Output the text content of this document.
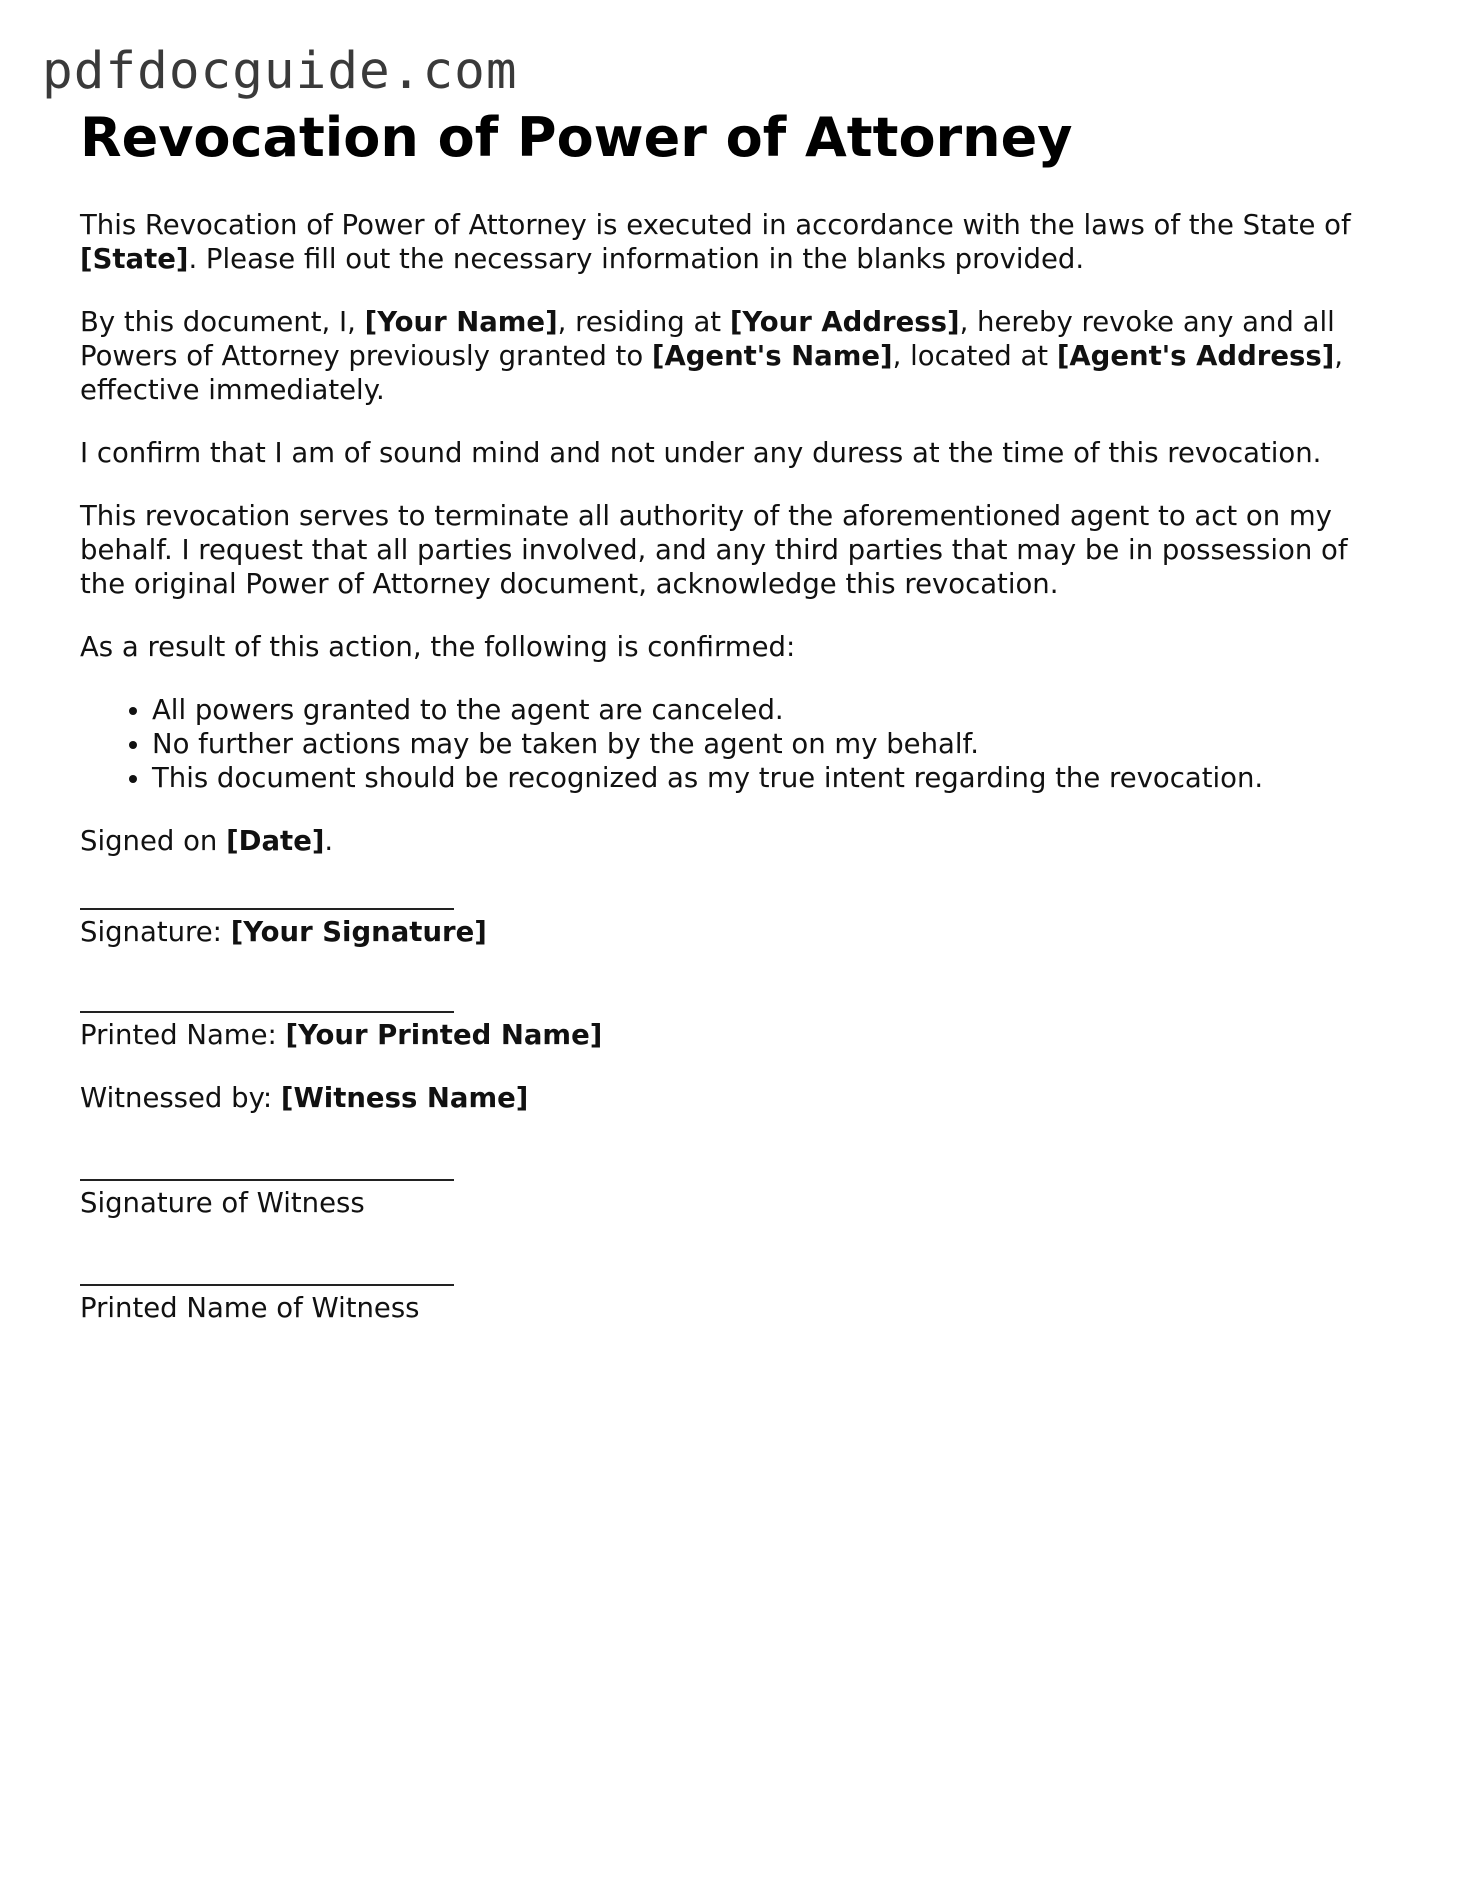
pdfdocguide.com
Revocation of Power of Attorney

This Revocation of Power of Attorney is executed in accordance with the laws of the State of [State]. Please fill out the necessary information in the blanks provided.

By this document, I, [Your Name], residing at [Your Address], hereby revoke any and all Powers of Attorney previously granted to [Agent's Name], located at [Agent's Address], effective immediately.

I confirm that I am of sound mind and not under any duress at the time of this revocation.

This revocation serves to terminate all authority of the aforementioned agent to act on my behalf. I request that all parties involved, and any third parties that may be in possession of the original Power of Attorney document, acknowledge this revocation.

As a result of this action, the following is confirmed:

• All powers granted to the agent are canceled.
• No further actions may be taken by the agent on my behalf.
• This document should be recognized as my true intent regarding the revocation.

Signed on [Date].

Signature: [Your Signature]

Printed Name: [Your Printed Name]

Witnessed by: [Witness Name]

Signature of Witness

Printed Name of Witness
